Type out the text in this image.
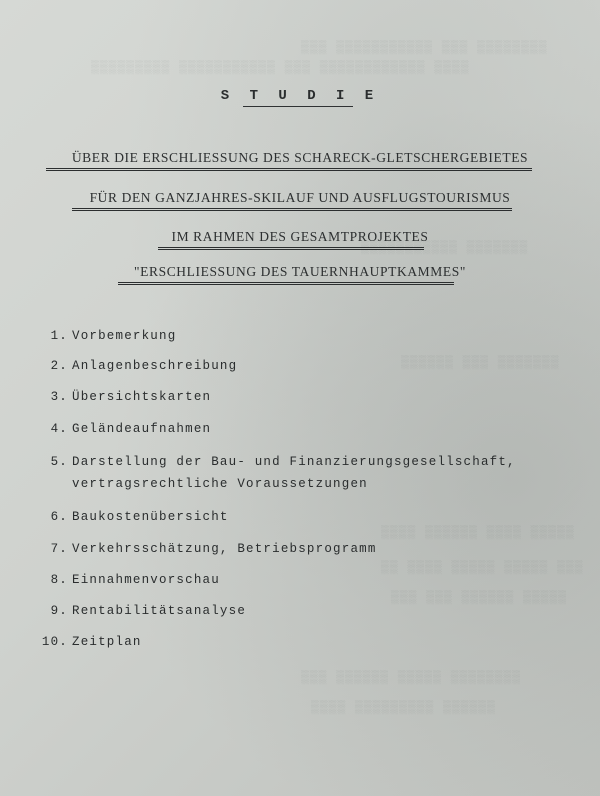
▒▒▒▒▒▒▒▒ ▒▒▒ ▒▒▒▒▒▒▒▒▒▒▒ ▒▒▒
▒▒▒▒ ▒▒▒▒▒▒▒▒▒▒▒▒ ▒▒▒ ▒▒▒▒▒▒▒▒▒▒▒ ▒▒▒▒▒▒▒▒▒
▒▒▒▒▒▒▒ ▒▒▒▒▒▒▒▒▒▒▒
▒▒▒▒▒▒▒ ▒▒▒ ▒▒▒▒▒▒
▒▒▒▒▒ ▒▒▒▒ ▒▒▒▒▒▒ ▒▒▒▒
▒▒▒ ▒▒▒▒▒ ▒▒▒▒▒ ▒▒▒▒ ▒▒
▒▒▒▒▒ ▒▒▒▒▒▒ ▒▒▒ ▒▒▒
▒▒▒▒▒▒▒▒ ▒▒▒▒▒ ▒▒▒▒▒▒ ▒▒▒
▒▒▒▒▒▒ ▒▒▒▒▒▒▒▒▒ ▒▒▒▒
S T U D I E
ÜBER DIE ERSCHLIESSUNG DES SCHARECK-GLETSCHERGEBIETES
FÜR DEN GANZJAHRES-SKILAUF UND AUSFLUGSTOURISMUS
IM RAHMEN DES GESAMTPROJEKTES
"ERSCHLIESSUNG DES TAUERNHAUPTKAMMES"
1. Vorbemerkung
2. Anlagenbeschreibung
3. Übersichtskarten
4. Geländeaufnahmen
5. Darstellung der Bau- und Finanzierungsgesellschaft,
vertragsrechtliche Voraussetzungen
6. Baukostenübersicht
7. Verkehrsschätzung, Betriebsprogramm
8. Einnahmenvorschau
9. Rentabilitätsanalyse
10. Zeitplan
